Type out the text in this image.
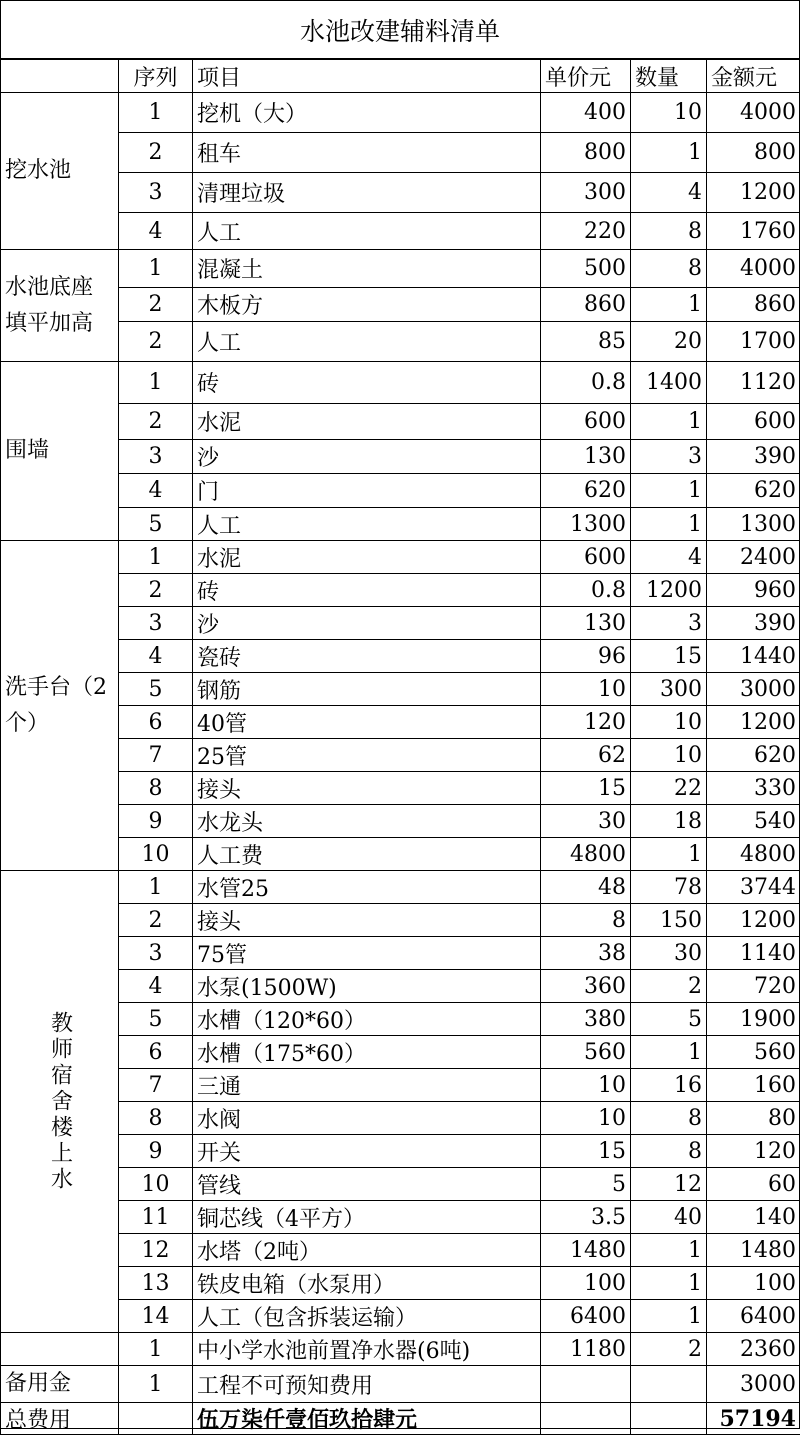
水池改建辅料清单
	序列	项目	单价元	数量	金额元
挖水池	1	挖机（大）	400	10	4000
	2	租车	800	1	800
	3	清理垃圾	300	4	1200
	4	人工	220	8	1760
水池底座填平加高	1	混凝土	500	8	4000
	2	木板方	860	1	860
	2	人工	85	20	1700
围墙	1	砖	0.8	1400	1120
	2	水泥	600	1	600
	3	沙	130	3	390
	4	门	620	1	620
	5	人工	1300	1	1300
洗手台（2个）	1	水泥	600	4	2400
	2	砖	0.8	1200	960
	3	沙	130	3	390
	4	瓷砖	96	15	1440
	5	钢筋	10	300	3000
	6	40管	120	10	1200
	7	25管	62	10	620
	8	接头	15	22	330
	9	水龙头	30	18	540
	10	人工费	4800	1	4800

教师宿舍楼上水	1	水管25	48	78	3744
	2	接头	8	150	1200
	3	75管	38	30	1140
	4	水泵(1500W)	360	2	720
	5	水槽（120*60）	380	5	1900
	6	水槽（175*60）	560	1	560
	7	三通	10	16	160
	8	水阀	10	8	80
	9	开关	15	8	120
	10	管线	5	12	60
	11	铜芯线（4平方）	3.5	40	140
	12	水塔（2吨）	1480	1	1480
	13	铁皮电箱（水泵用）	100	1	100
	14	人工（包含拆装运输）	6400	1	6400
	1	中小学水池前置净水器(6吨)	1180	2	2360
备用金	1	工程不可预知费用			3000
总费用		伍万柒仟壹佰玖拾肆元			57194
